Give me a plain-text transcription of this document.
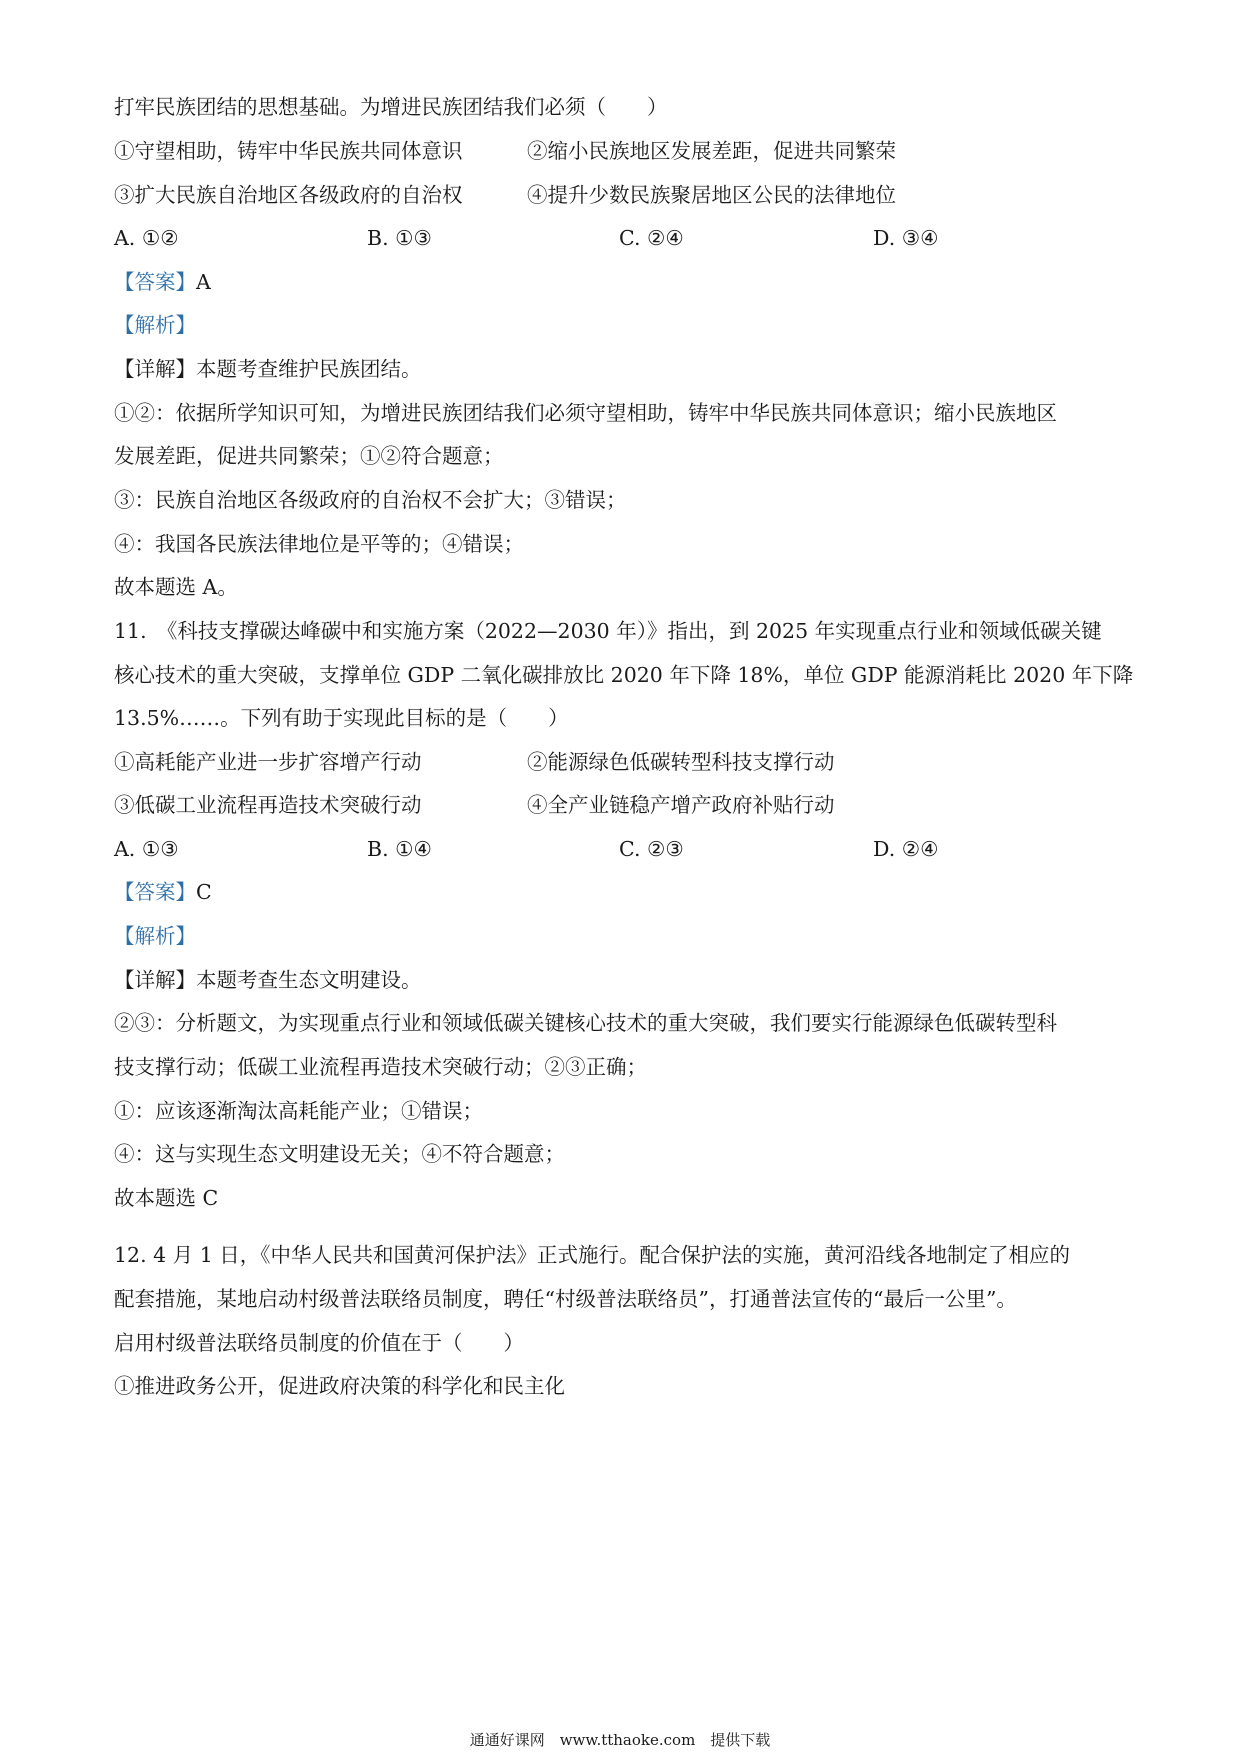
打牢民族团结的思想基础。为增进民族团结我们必须（　　）
①守望相助，铸牢中华民族共同体意识	②缩小民族地区发展差距，促进共同繁荣
③扩大民族自治地区各级政府的自治权	④提升少数民族聚居地区公民的法律地位
A. ①②	B. ①③	C. ②④	D. ③④
【答案】A
【解析】
【详解】本题考查维护民族团结。
①②：依据所学知识可知，为增进民族团结我们必须守望相助，铸牢中华民族共同体意识；缩小民族地区
发展差距，促进共同繁荣；①②符合题意；
③：民族自治地区各级政府的自治权不会扩大；③错误；
④：我国各民族法律地位是平等的；④错误；
故本题选 A。
11.　《科技支撑碳达峰碳中和实施方案（2022—2030 年）》指出，到 2025 年实现重点行业和领域低碳关键
核心技术的重大突破，支撑单位 GDP 二氧化碳排放比 2020 年下降 18%，单位 GDP 能源消耗比 2020 年下降
13.5%……。下列有助于实现此目标的是（　　）
①高耗能产业进一步扩容增产行动	②能源绿色低碳转型科技支撑行动
③低碳工业流程再造技术突破行动	④全产业链稳产增产政府补贴行动
A. ①③	B. ①④	C. ②③	D. ②④
【答案】C
【解析】
【详解】本题考查生态文明建设。
②③：分析题文，为实现重点行业和领域低碳关键核心技术的重大突破，我们要实行能源绿色低碳转型科
技支撑行动；低碳工业流程再造技术突破行动；②③正确；
①：应该逐渐淘汰高耗能产业；①错误；
④：这与实现生态文明建设无关；④不符合题意；
故本题选 C
12. 4 月 1 日，《中华人民共和国黄河保护法》正式施行。配合保护法的实施，黄河沿线各地制定了相应的
配套措施，某地启动村级普法联络员制度，聘任“村级普法联络员”，打通普法宣传的“最后一公里”。
启用村级普法联络员制度的价值在于（　　）
①推进政务公开，促进政府决策的科学化和民主化
通通好课网　www.tthaoke.com　提供下载
